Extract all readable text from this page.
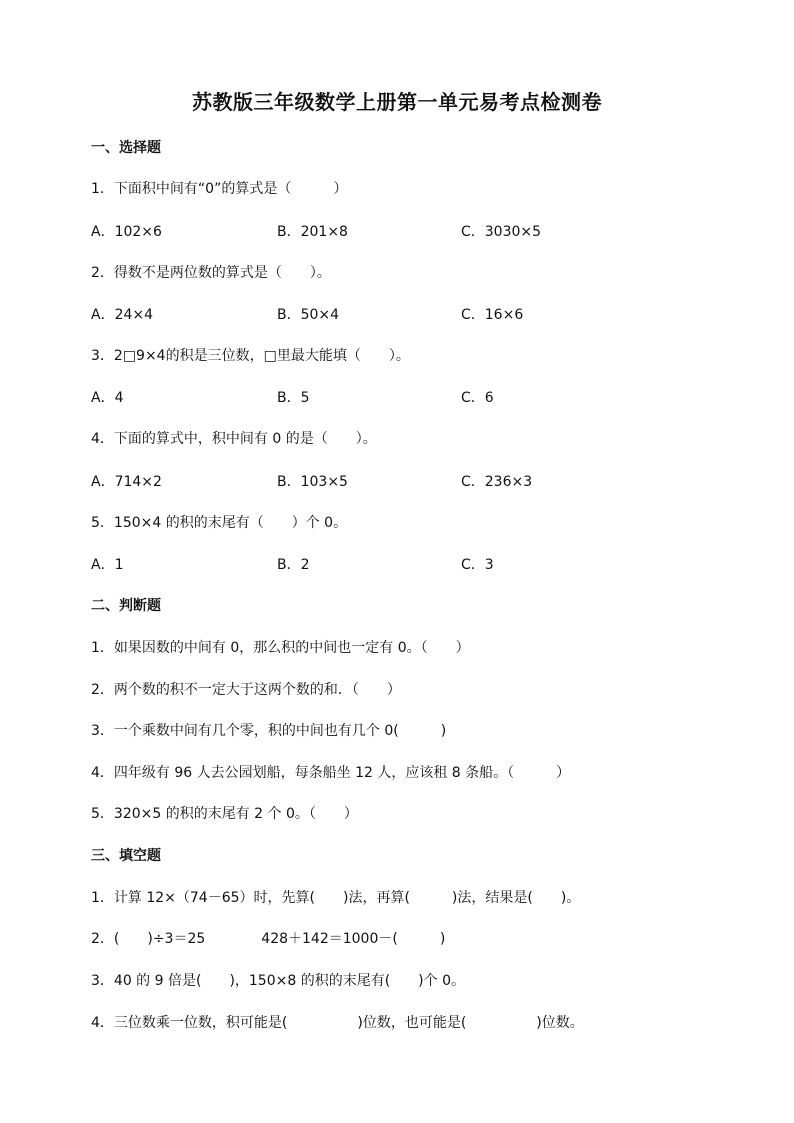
苏教版三年级数学上册第一单元易考点检测卷
一、选择题
1．下面积中间有“0”的算式是（　　　）
A．102×6	B．201×8	C．3030×5
2．得数不是两位数的算式是（　　）。
A．24×4	B．50×4	C．16×6
3．2□9×4的积是三位数，□里最大能填（　　）。
A．4	B．5	C．6
4．下面的算式中，积中间有 0 的是（　　）。
A．714×2	B．103×5	C．236×3
5．150×4 的积的末尾有（　　）个 0。
A．1	B．2	C．3
二、判断题
1．如果因数的中间有 0，那么积的中间也一定有 0。（　　）
2．两个数的积不一定大于这两个数的和．（　　）
3．一个乘数中间有几个零，积的中间也有几个 0(　　　)
4．四年级有 96 人去公园划船，每条船坐 12 人，应该租 8 条船。（　　　）
5．320×5 的积的末尾有 2 个 0。（　　）
三、填空题
1．计算 12×（74－65）时，先算(　　)法，再算(　　　)法，结果是(　　)。
2．(　　)÷3＝25　　　　428＋142＝1000－(　　　)
3．40 的 9 倍是(　　)，150×8 的积的末尾有(　　)个 0。
4．三位数乘一位数，积可能是(　　　　　)位数，也可能是(　　　　　)位数。
